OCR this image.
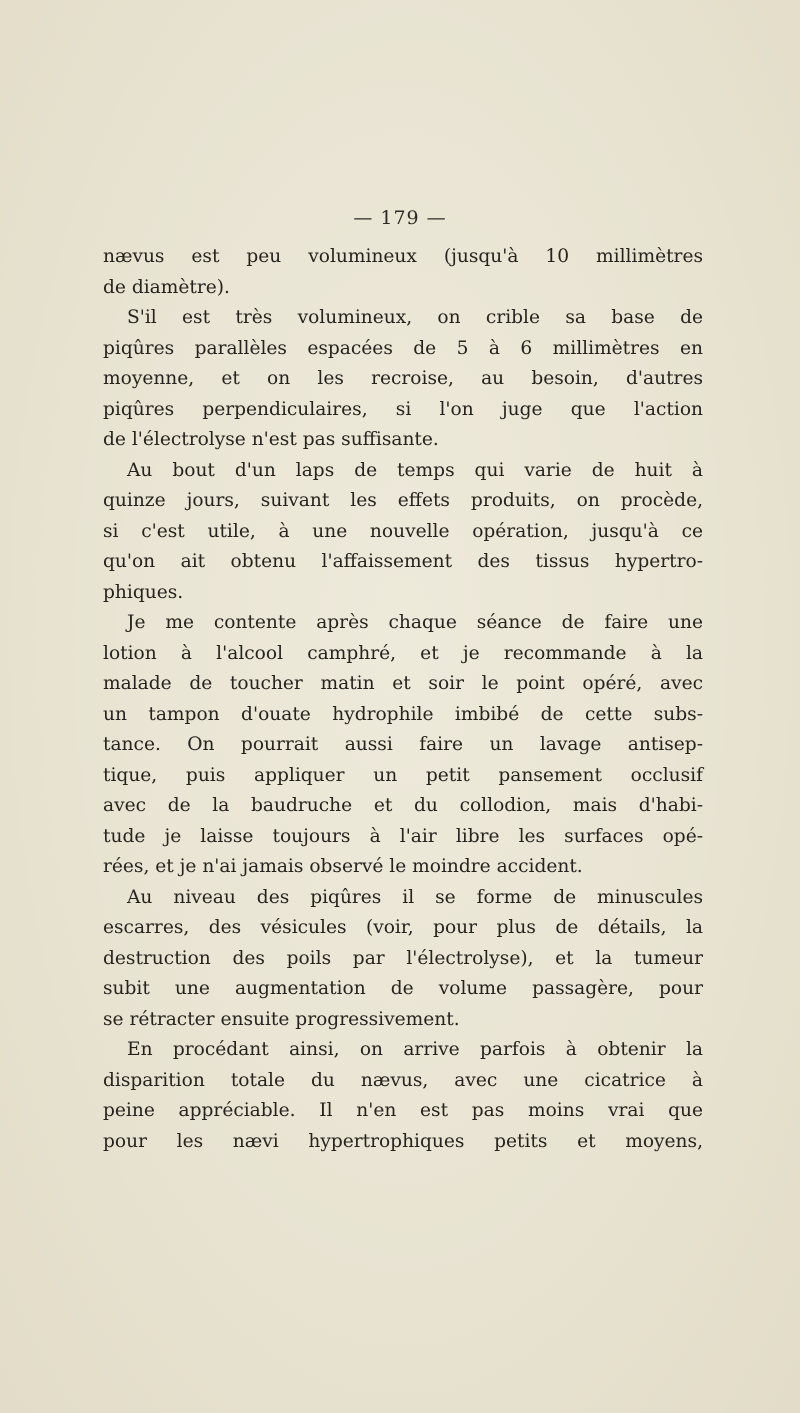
— 179 —
nævus est peu volumineux (jusqu'à 10 millimètres
de diamètre).
S'il est très volumineux, on crible sa base de
piqûres parallèles espacées de 5 à 6 millimètres en
moyenne, et on les recroise, au besoin, d'autres
piqûres perpendiculaires, si l'on juge que l'action
de l'électrolyse n'est pas suffisante.
Au bout d'un laps de temps qui varie de huit à
quinze jours, suivant les effets produits, on procède,
si c'est utile, à une nouvelle opération, jusqu'à ce
qu'on ait obtenu l'affaissement des tissus hypertro-
phiques.
Je me contente après chaque séance de faire une
lotion à l'alcool camphré, et je recommande à la
malade de toucher matin et soir le point opéré, avec
un tampon d'ouate hydrophile imbibé de cette subs-
tance. On pourrait aussi faire un lavage antisep-
tique, puis appliquer un petit pansement occlusif
avec de la baudruche et du collodion, mais d'habi-
tude je laisse toujours à l'air libre les surfaces opé-
rées, et je n'ai jamais observé le moindre accident.
Au niveau des piqûres il se forme de minuscules
escarres, des vésicules (voir, pour plus de détails, la
destruction des poils par l'électrolyse), et la tumeur
subit une augmentation de volume passagère, pour
se rétracter ensuite progressivement.
En procédant ainsi, on arrive parfois à obtenir la
disparition totale du nævus, avec une cicatrice à
peine appréciable. Il n'en est pas moins vrai que
pour les nævi hypertrophiques petits et moyens,
